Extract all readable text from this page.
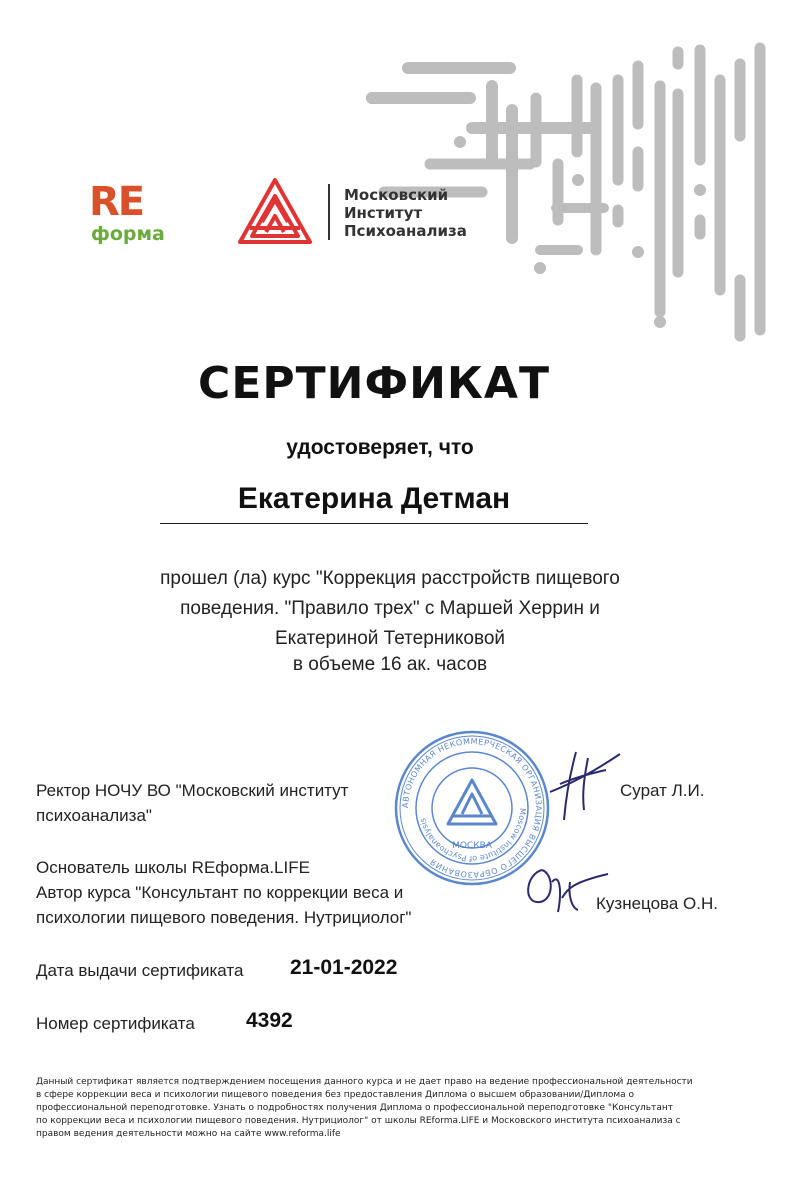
RE
форма
Московский
Институт
Психоанализа
СЕРТИФИКАТ
удостоверяет, что
Екатерина Детман
прошел (ла) курс "Коррекция расстройств пищевого
поведения. "Правило трех" с Маршей Херрин и
Екатериной Тетерниковой
в объеме 16 ак. часов
АВТОНОМНАЯ НЕКОММЕРЧЕСКАЯ ОРГАНИЗАЦИЯ ВЫСШЕГО ОБРАЗОВАНИЯ
Moscow Institute of Psychoanalysis
МОСКВА
Ректор НОЧУ ВО "Московский институт
психоанализа"
Сурат Л.И.
Основатель школы REформа.LIFE
Автор курса "Консультант по коррекции веса и
психологии пищевого поведения. Нутрициолог"
Кузнецова О.Н.
Дата выдачи сертификата 21-01-2022
Номер сертификата 4392
Данный сертификат является подтверждением посещения данного курса и не дает право на ведение профессиональной деятельности
в сфере коррекции веса и психологии пищевого поведения без предоставления Диплома о высшем образовании/Диплома о
профессиональной переподготовке. Узнать о подробностях получения Диплома о профессиональной переподготовке "Консультант
по коррекции веса и психологии пищевого поведения. Нутрициолог" от школы REforma.LIFE и Московского института психоанализа с
правом ведения деятельности можно на сайте www.reforma.life
